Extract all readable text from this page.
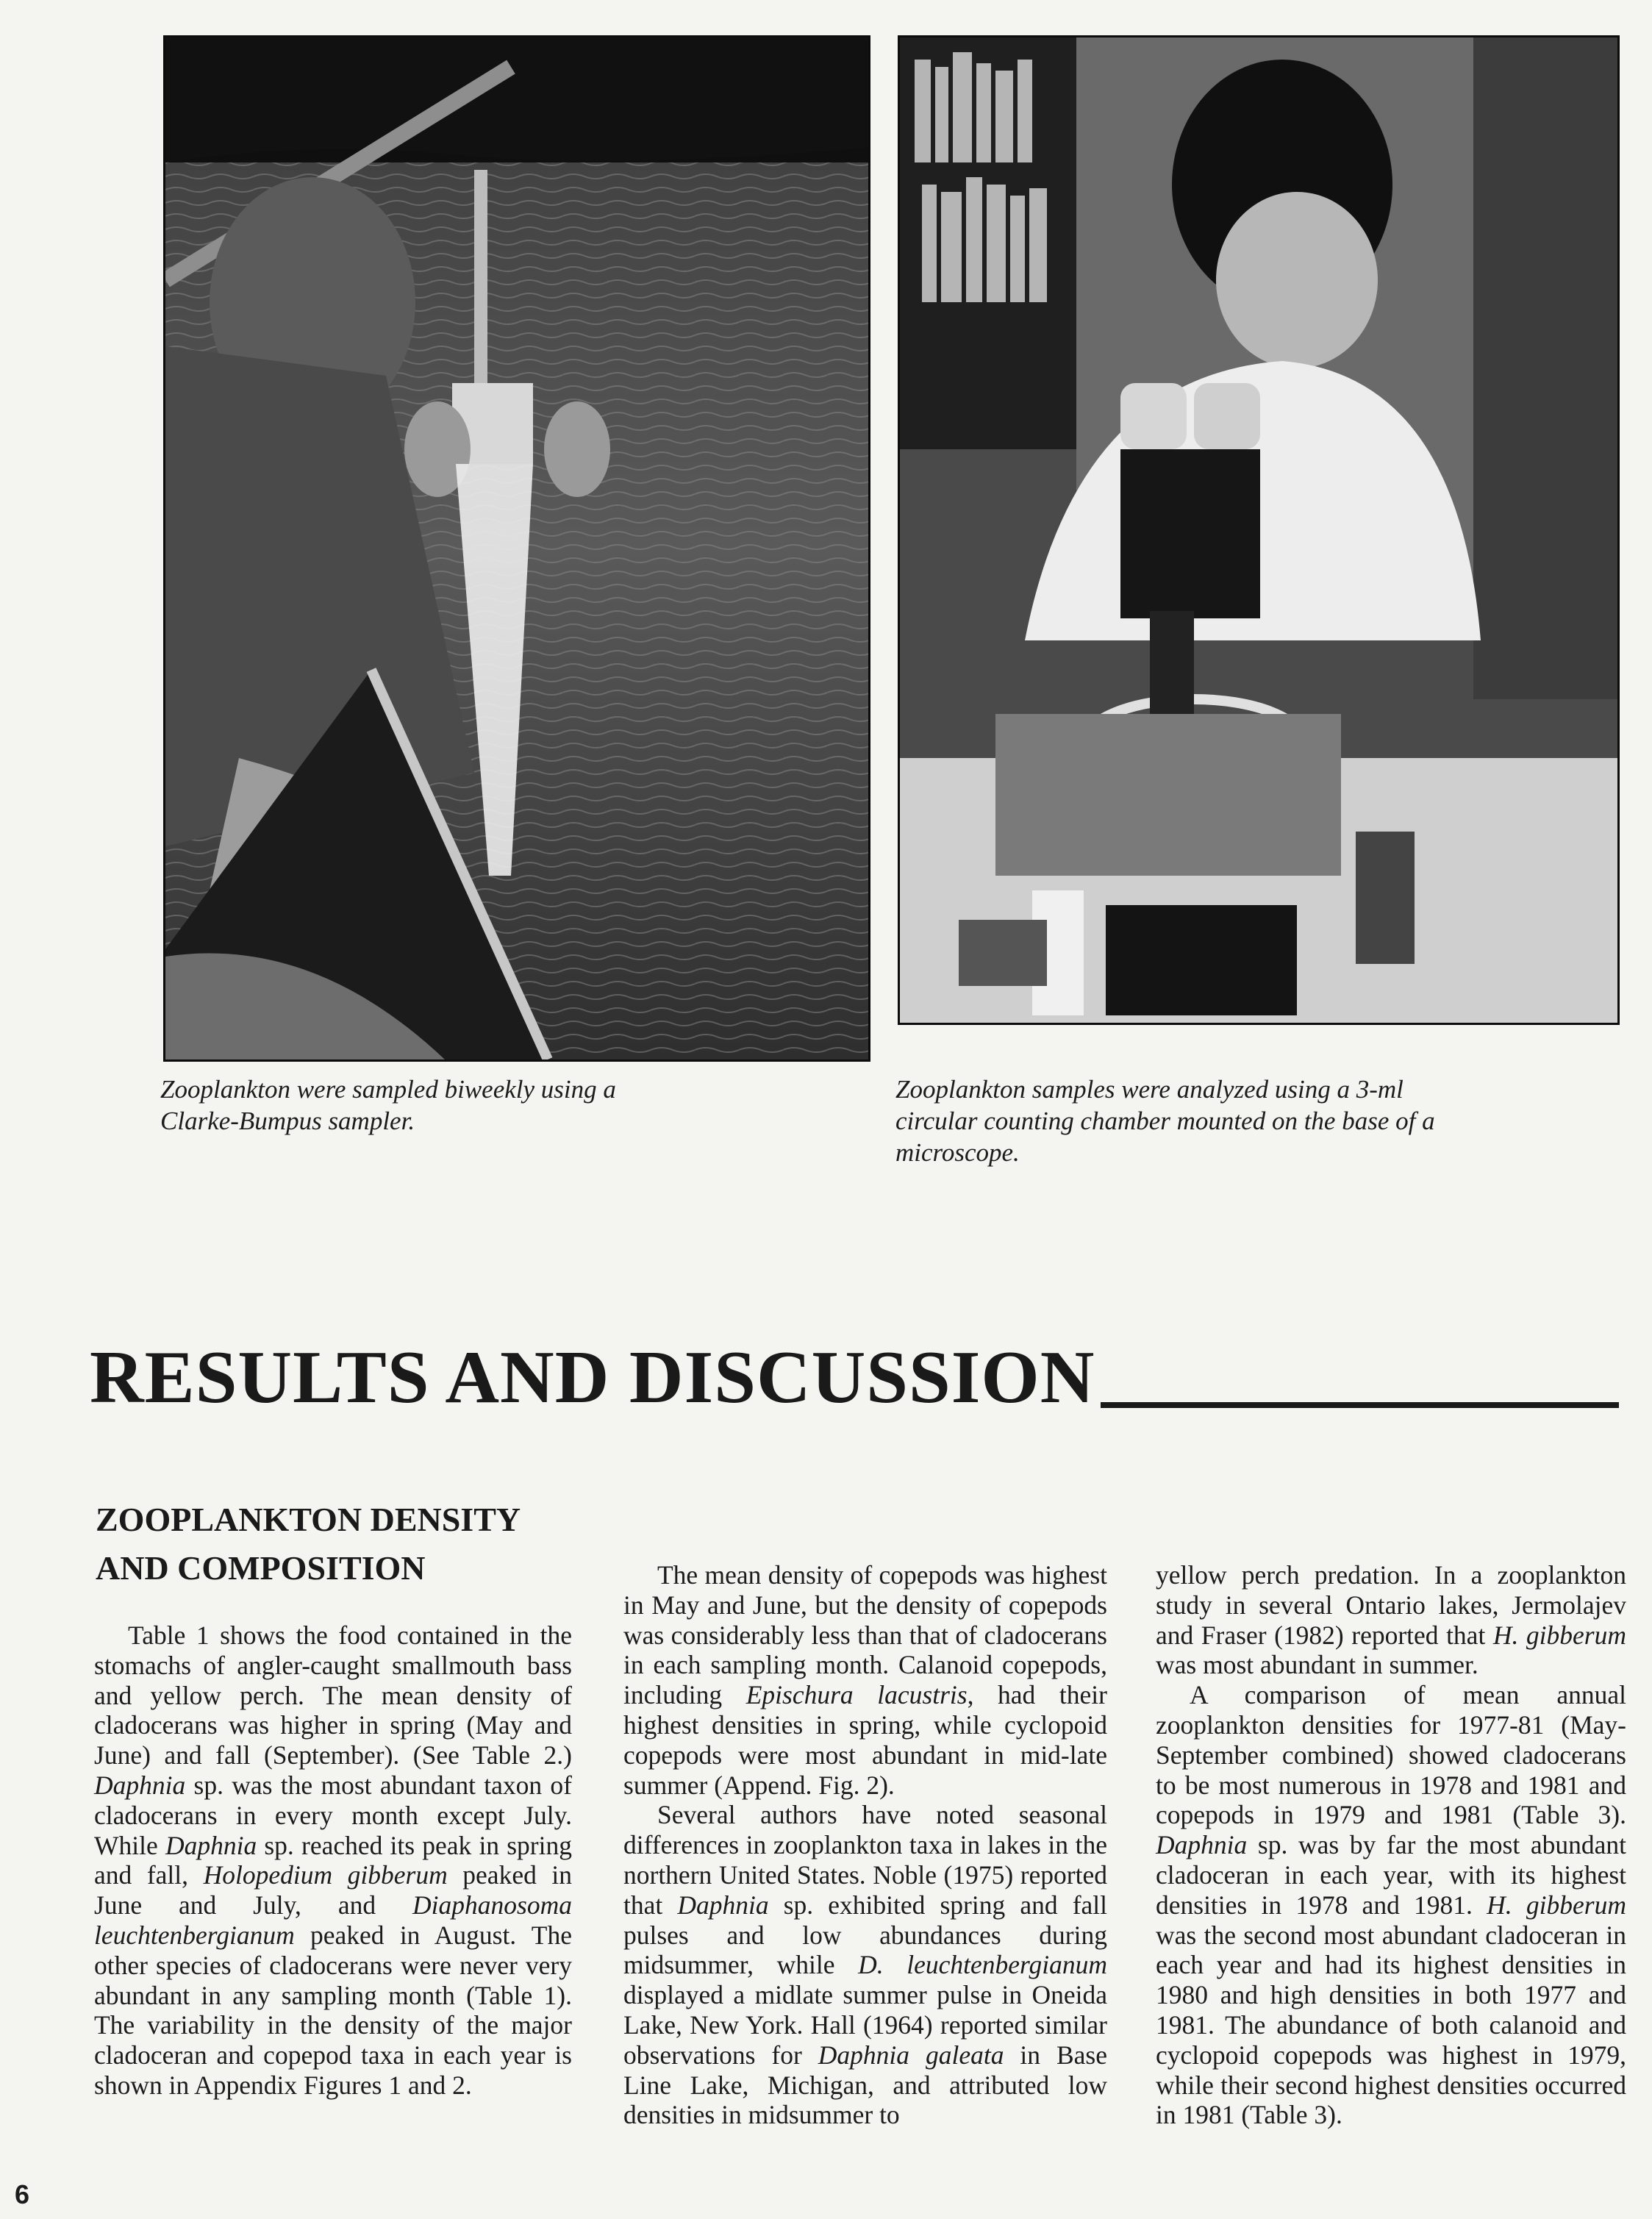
Zooplankton were sampled biweekly using a
Clarke-Bumpus sampler.
Zooplankton samples were analyzed using a 3-ml
circular counting chamber mounted on the base of a
microscope.
RESULTS AND DISCUSSION
ZOOPLANKTON DENSITY
AND COMPOSITION

Table 1 shows the food contained in the stomachs of angler-caught smallmouth bass and yellow perch. The mean density of cladocerans was higher in spring (May and June) and fall (September). (See Table 2.) Daphnia sp. was the most abundant taxon of cladocerans in every month except July. While Daphnia sp. reached its peak in spring and fall, Holopedium gibberum peaked in June and July, and Diaphanosoma leuchtenbergianum peaked in August. The other species of cladocerans were never very abundant in any sampling month (Table 1). The variability in the density of the major cladoceran and copepod taxa in each year is shown in Appendix Figures 1 and 2.

The mean density of copepods was highest in May and June, but the density of copepods was considerably less than that of cladocerans in each sampling month. Calanoid copepods, including Epischura lacustris, had their highest densities in spring, while cyclopoid copepods were most abundant in mid-late summer (Append. Fig. 2).

Several authors have noted seasonal differences in zooplankton taxa in lakes in the northern United States. Noble (1975) reported that Daphnia sp. exhibited spring and fall pulses and low abundances during midsummer, while D. leuchtenbergianum displayed a midlate summer pulse in Oneida Lake, New York. Hall (1964) reported similar observations for Daphnia galeata in Base Line Lake, Michigan, and attributed low densities in midsummer to

yellow perch predation. In a zooplankton study in several Ontario lakes, Jermolajev and Fraser (1982) reported that H. gibberum was most abundant in summer.

A comparison of mean annual zooplankton densities for 1977-81 (May-September combined) showed cladocerans to be most numerous in 1978 and 1981 and copepods in 1979 and 1981 (Table 3). Daphnia sp. was by far the most abundant cladoceran in each year, with its highest densities in 1978 and 1981. H. gibberum was the second most abundant cladoceran in each year and had its highest densities in 1980 and high densities in both 1977 and 1981. The abundance of both calanoid and cyclopoid copepods was highest in 1979, while their second highest densities occurred in 1981 (Table 3).

6
